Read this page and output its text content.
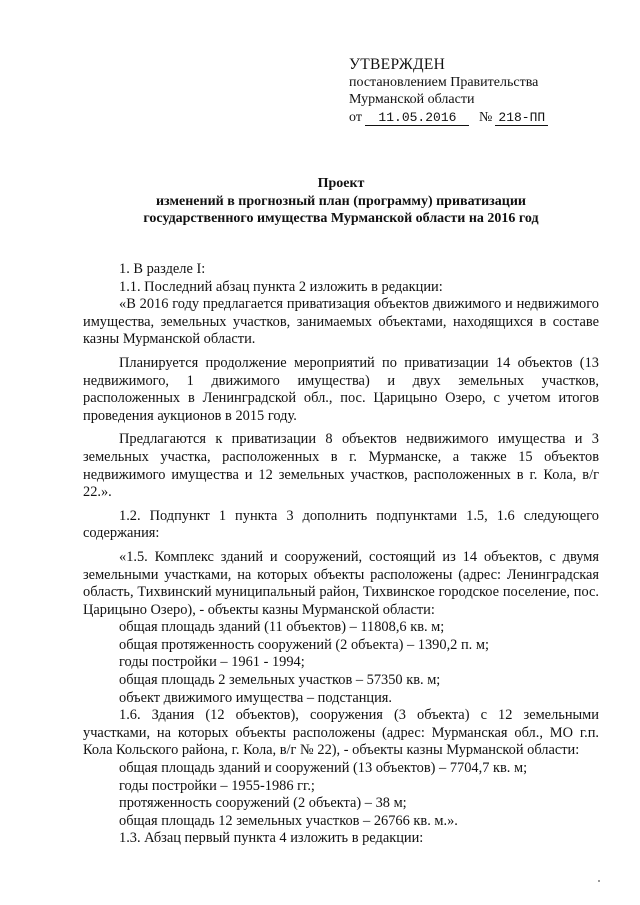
УТВЕРЖДЕН
постановлением Правительства
Мурманской области
от 11.05.2016 № 218-ПП
Проект
изменений в прогнозный план (программу) приватизации
государственного имущества Мурманской области на 2016 год

1. В разделе I:

1.1. Последний абзац пункта 2 изложить в редакции:

«В 2016 году предлагается приватизация объектов движимого и недвижимого имущества, земельных участков, занимаемых объектами, находящихся в составе казны Мурманской области.

Планируется продолжение мероприятий по приватизации 14 объектов (13 недвижимого, 1 движимого имущества) и двух земельных участков, расположенных в Ленинградской обл., пос. Царицыно Озеро, с учетом итогов проведения аукционов в 2015 году.

Предлагаются к приватизации 8 объектов недвижимого имущества и 3 земельных участка, расположенных в г. Мурманске, а также 15 объектов недвижимого имущества и 12 земельных участков, расположенных в г. Кола, в/г 22.».

1.2. Подпункт 1 пункта 3 дополнить подпунктами 1.5, 1.6 следующего содержания:

«1.5. Комплекс зданий и сооружений, состоящий из 14 объектов, с двумя земельными участками, на которых объекты расположены (адрес: Ленинградская область, Тихвинский муниципальный район, Тихвинское городское поселение, пос. Царицыно Озеро), - объекты казны Мурманской области:

общая площадь зданий (11 объектов) – 11808,6 кв. м;

общая протяженность сооружений (2 объекта) – 1390,2 п. м;

годы постройки – 1961 - 1994;

общая площадь 2 земельных участков – 57350 кв. м;

объект движимого имущества – подстанция.

1.6. Здания (12 объектов), сооружения (3 объекта) с 12 земельными участками, на которых объекты расположены (адрес: Мурманская обл., МО г.п. Кола Кольского района, г. Кола, в/г № 22), - объекты казны Мурманской области:

общая площадь зданий и сооружений (13 объектов) – 7704,7 кв. м;

годы постройки – 1955-1986 гг.;

протяженность сооружений (2 объекта) – 38 м;

общая площадь 12 земельных участков – 26766 кв. м.».

1.3. Абзац первый пункта 4 изложить в редакции:
